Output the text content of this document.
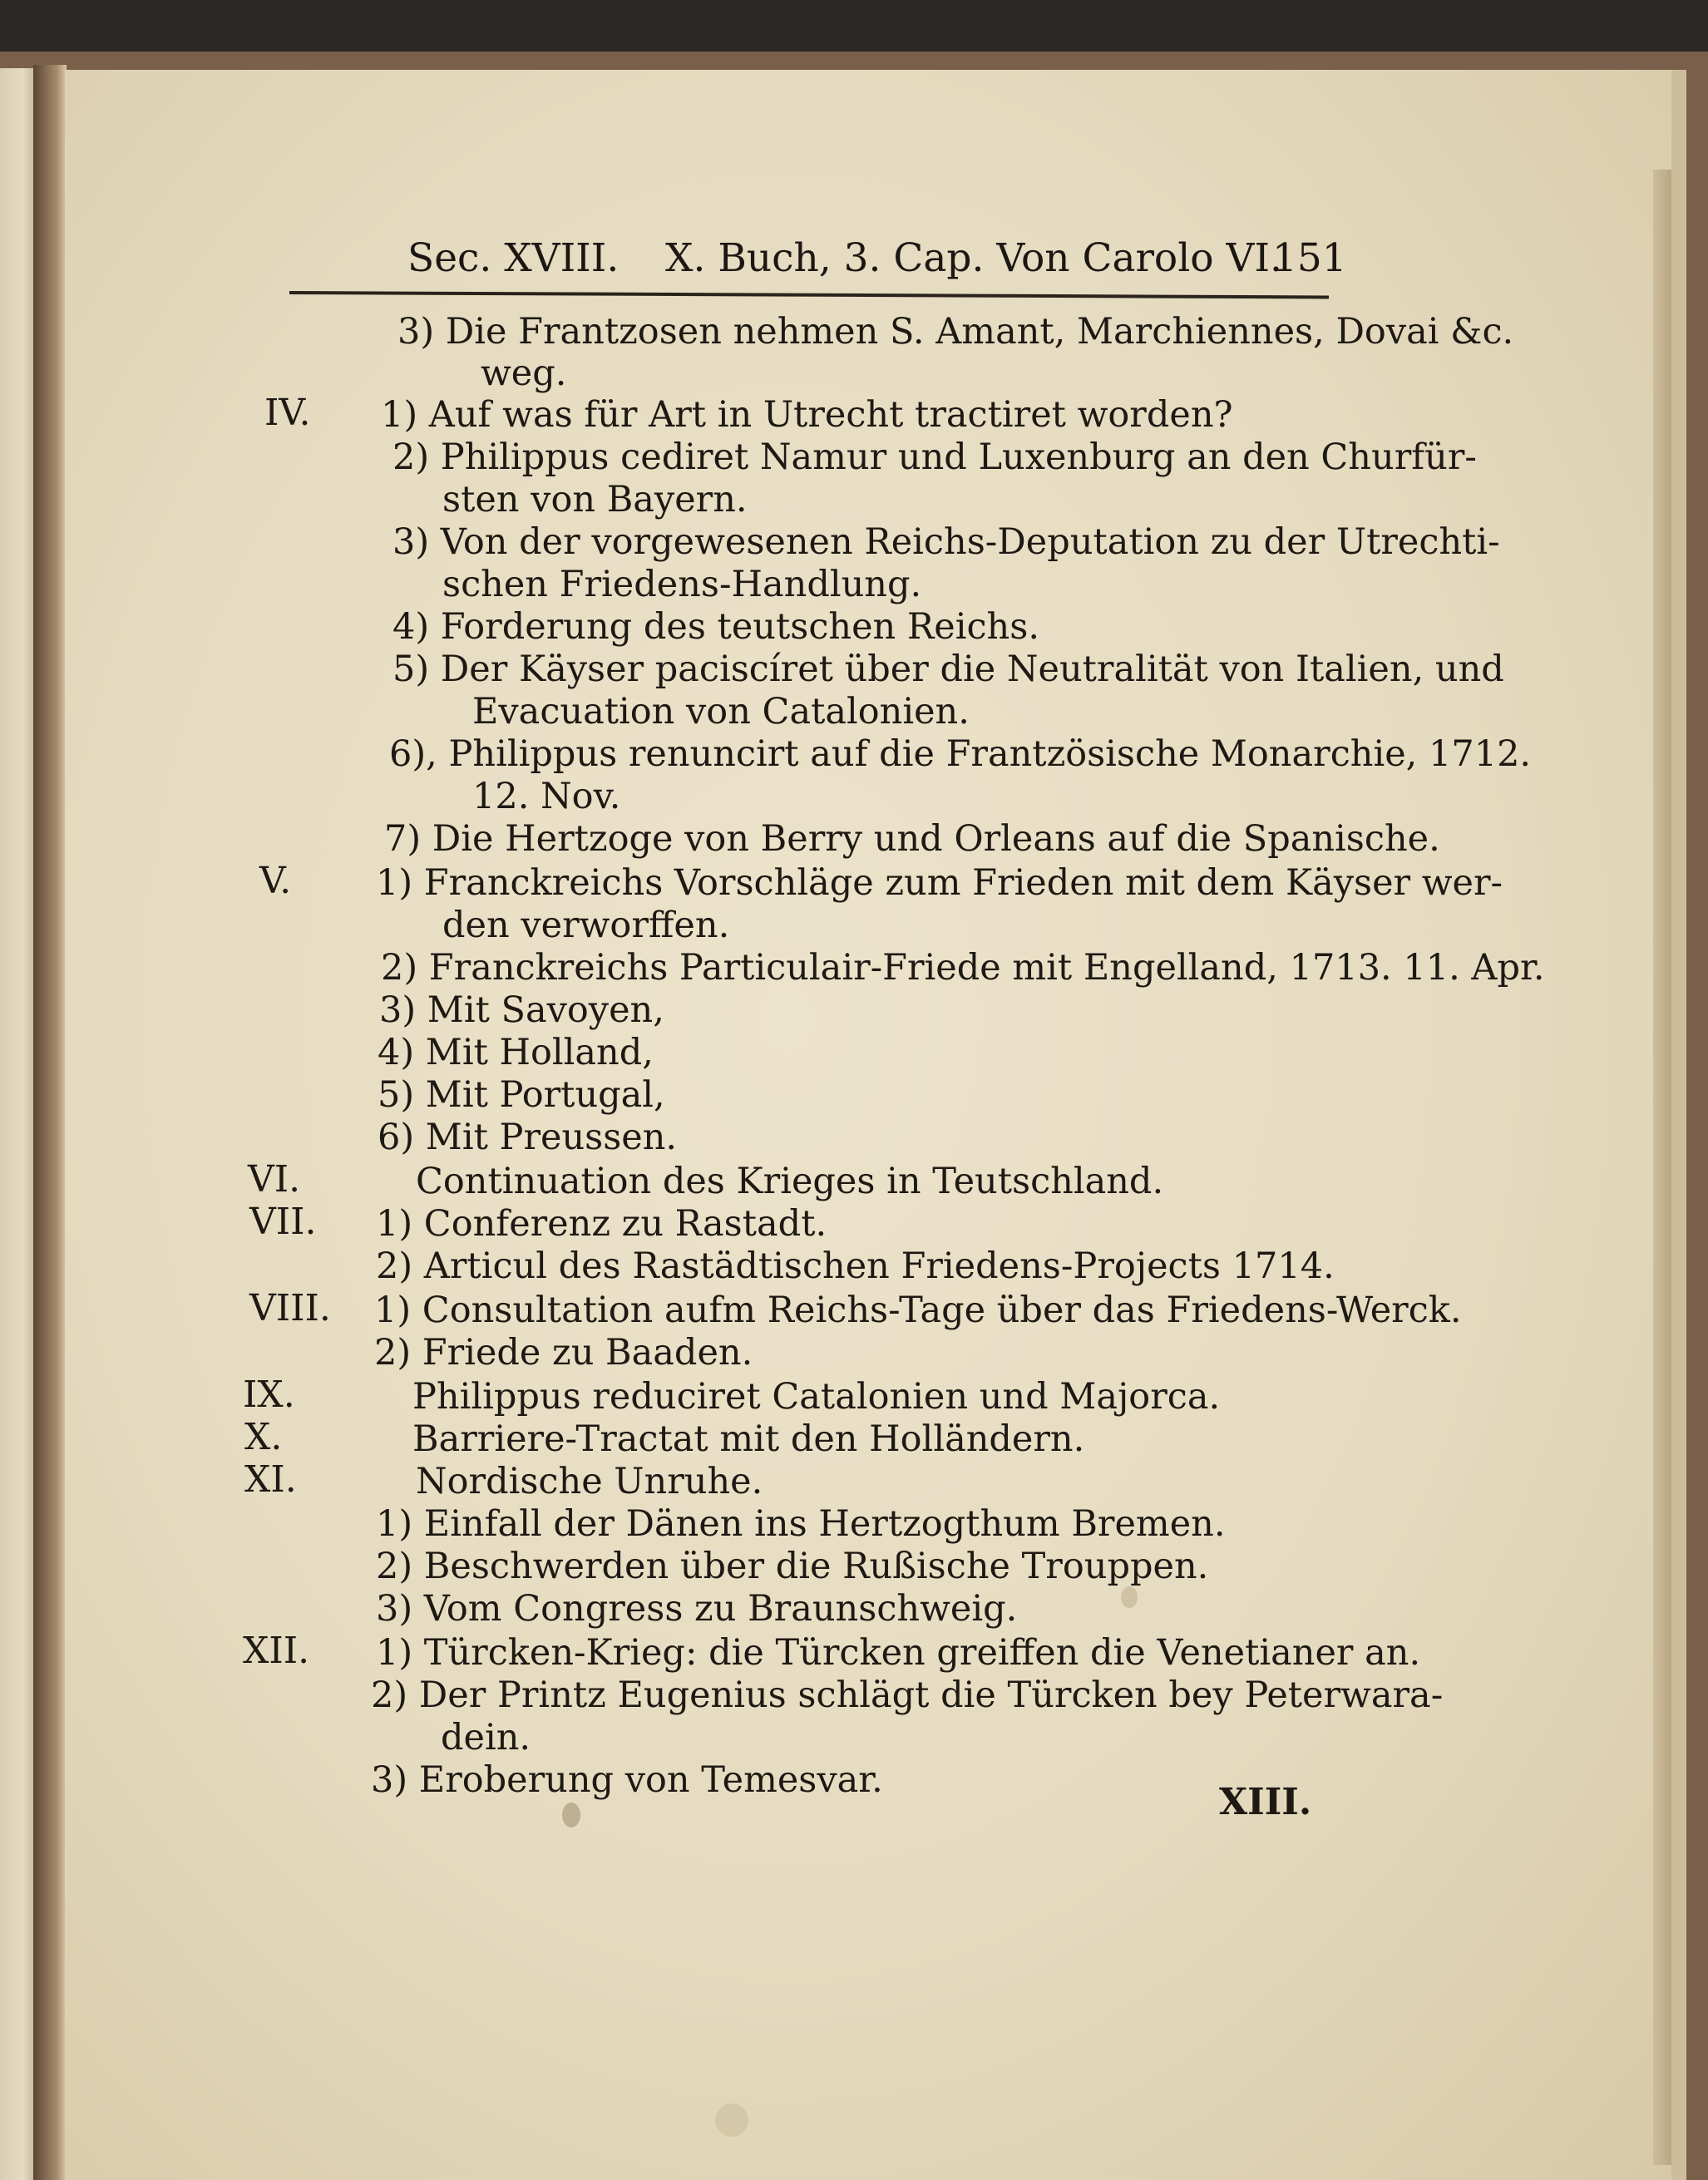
Sec. XVIII. X. Buch, 3. Cap. Von Carolo VI.
151
3) Die Frantzosen nehmen S. Amant, Marchiennes, Dovai &c.
weg.
IV. 1) Auf was für Art in Utrecht tractiret worden?
2) Philippus cediret Namur und Luxenburg an den Churfür-
sten von Bayern.
3) Von der vorgewesenen Reichs-Deputation zu der Utrechti-
schen Friedens-Handlung.
4) Forderung des teutschen Reichs.
5) Der Käyser paciscíret über die Neutralität von Italien, und
Evacuation von Catalonien.
6), Philippus renuncirt auf die Frantzösische Monarchie, 1712.
12. Nov.
7) Die Hertzoge von Berry und Orleans auf die Spanische.
V. 1) Franckreichs Vorschläge zum Frieden mit dem Käyser wer-
den verworffen.
2) Franckreichs Particulair-Friede mit Engelland, 1713. 11. Apr.
3) Mit Savoyen,
4) Mit Holland,
5) Mit Portugal,
6) Mit Preussen.
VI.	Continuation des Krieges in Teutschland.
VII. 1) Conferenz zu Rastadt.
2) Articul des Rastädtischen Friedens-Projects 1714.
VIII. 1) Consultation aufm Reichs-Tage über das Friedens-Werck.
2) Friede zu Baaden.
IX.	Philippus reduciret Catalonien und Majorca.
X.	Barriere-Tractat mit den Holländern.
XI.	Nordische Unruhe.
1) Einfall der Dänen ins Hertzogthum Bremen.
2) Beschwerden über die Rußische Trouppen.
3) Vom Congress zu Braunschweig.
XII. 1) Türcken-Krieg: die Türcken greiffen die Venetianer an.
2) Der Printz Eugenius schlägt die Türcken bey Peterwara-
dein.
3) Eroberung von Temesvar.
XIII.
